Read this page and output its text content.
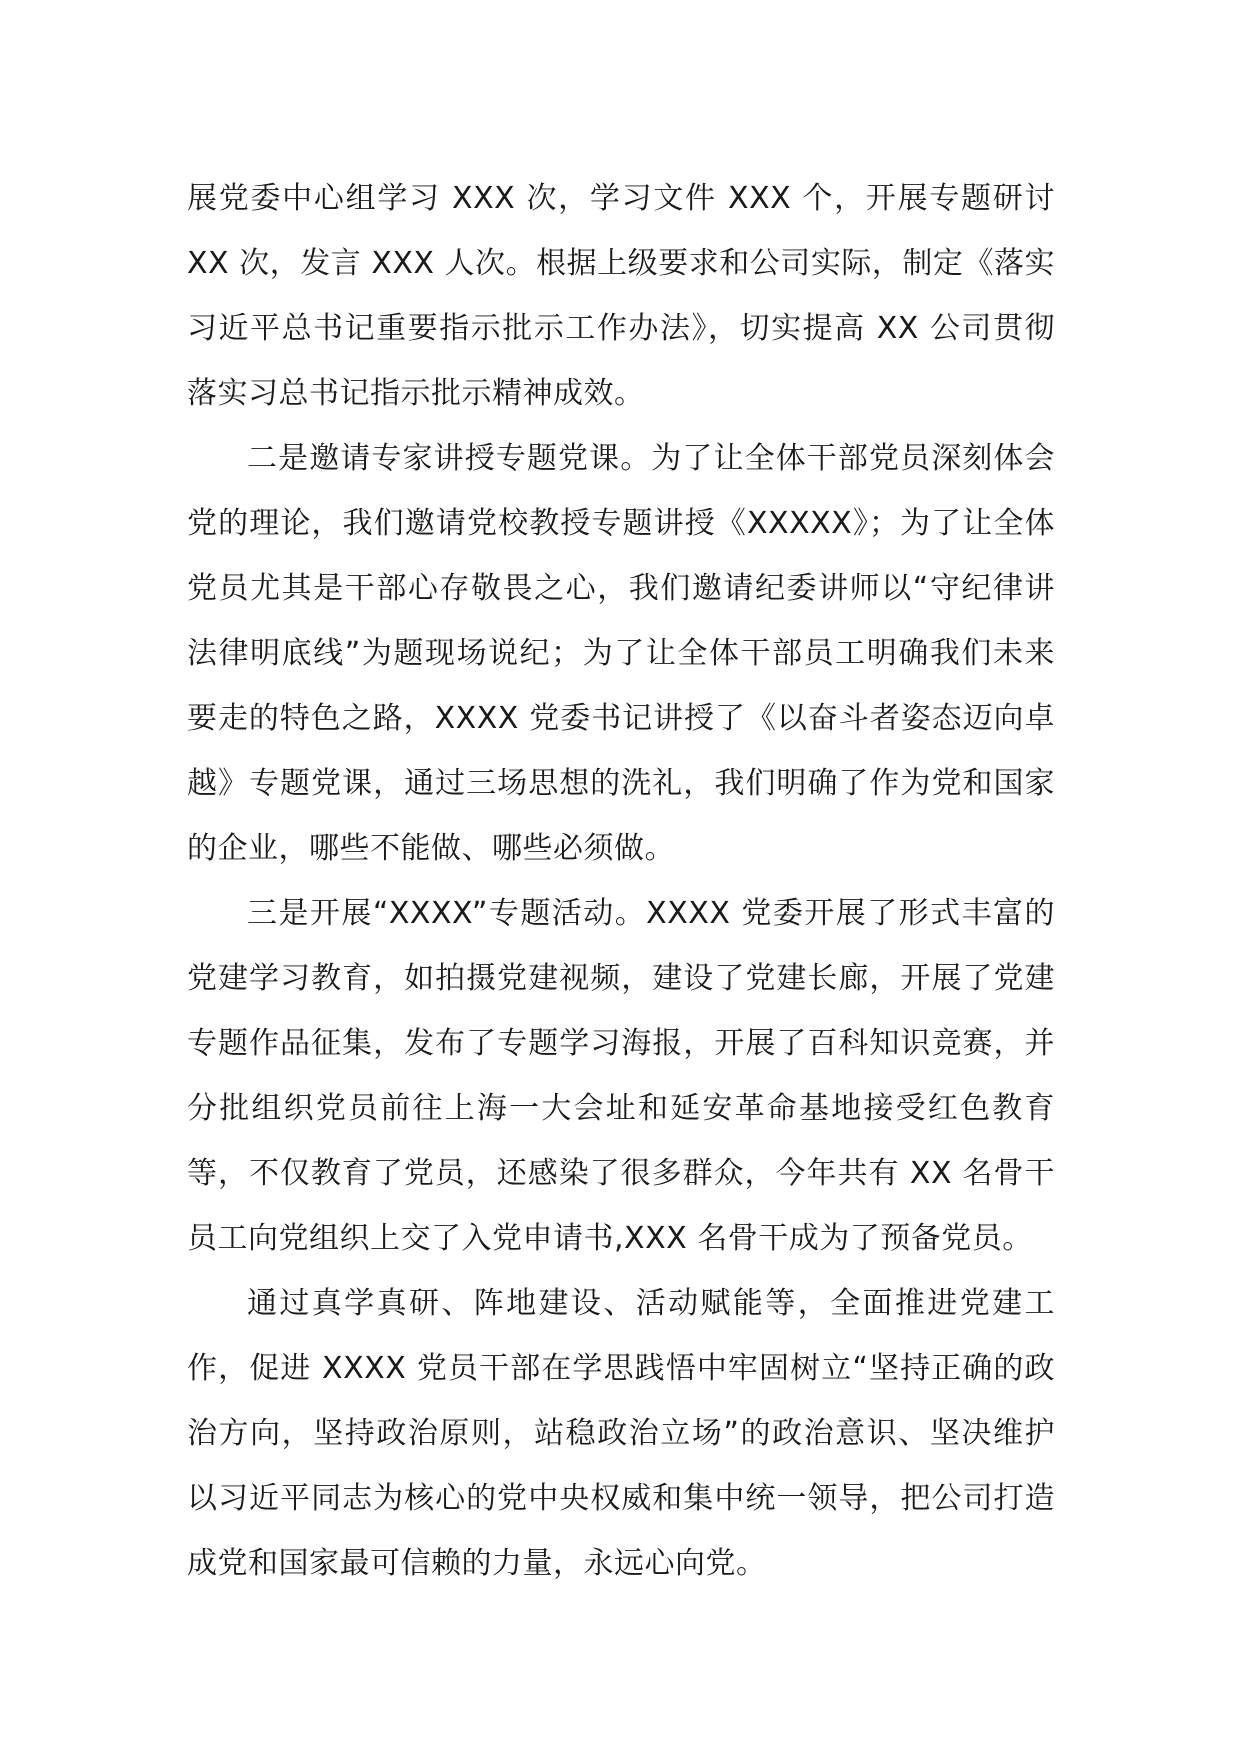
展党委中心组学习 XXX 次，学习文件 XXX 个，开展专题研讨 XX 次，发言 XXX 人次。根据上级要求和公司实际，制定《落实习近平总书记重要指示批示工作办法》，切实提高 XX 公司贯彻落实习总书记指示批示精神成效。

二是邀请专家讲授专题党课。为了让全体干部党员深刻体会党的理论，我们邀请党校教授专题讲授《XXXXX》；为了让全体党员尤其是干部心存敬畏之心，我们邀请纪委讲师以“守纪律讲法律明底线”为题现场说纪；为了让全体干部员工明确我们未来要走的特色之路，XXXX 党委书记讲授了《以奋斗者姿态迈向卓越》专题党课，通过三场思想的洗礼，我们明确了作为党和国家的企业，哪些不能做、哪些必须做。

三是开展“XXXX”专题活动。XXXX 党委开展了形式丰富的党建学习教育，如拍摄党建视频，建设了党建长廊，开展了党建专题作品征集，发布了专题学习海报，开展了百科知识竞赛，并分批组织党员前往上海一大会址和延安革命基地接受红色教育等，不仅教育了党员，还感染了很多群众，今年共有 XX 名骨干员工向党组织上交了入党申请书,XXX 名骨干成为了预备党员。

通过真学真研、阵地建设、活动赋能等，全面推进党建工作，促进 XXXX 党员干部在学思践悟中牢固树立“坚持正确的政治方向，坚持政治原则，站稳政治立场”的政治意识、坚决维护以习近平同志为核心的党中央权威和集中统一领导，把公司打造成党和国家最可信赖的力量，永远心向党。
